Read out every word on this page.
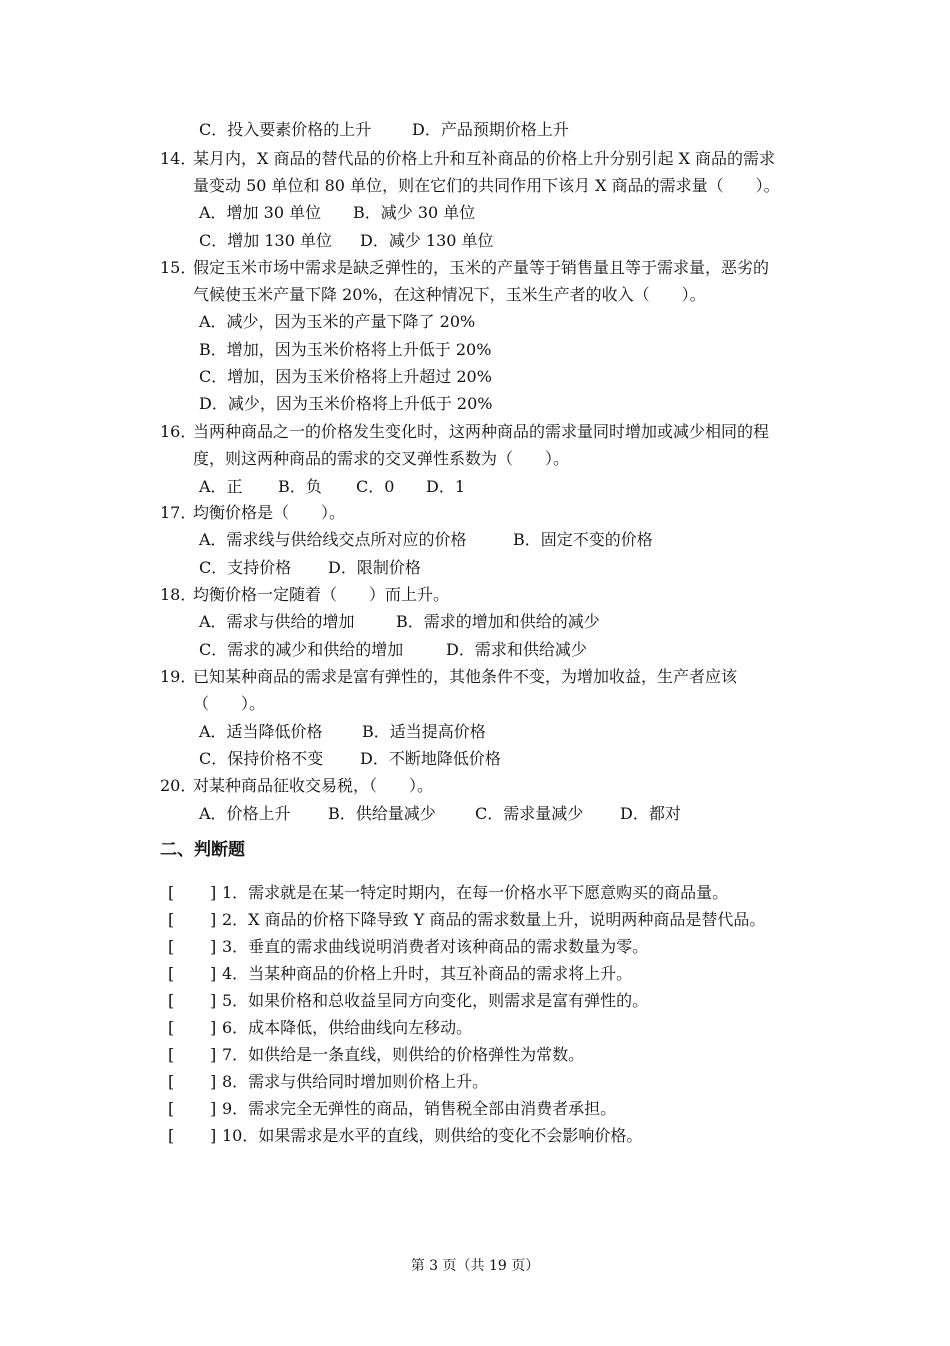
C．投入要素价格的上升	D．产品预期价格上升
14．
某月内，X 商品的替代品的价格上升和互补商品的价格上升分别引起 X 商品的需求
量变动 50 单位和 80 单位，则在它们的共同作用下该月 X 商品的需求量（　　）。
A．增加 30 单位 B．减少 30 单位
C．增加 130 单位 D．减少 130 单位
15．
假定玉米市场中需求是缺乏弹性的，玉米的产量等于销售量且等于需求量，恶劣的
气候使玉米产量下降 20%，在这种情况下，玉米生产者的收入（　　）。
A．减少，因为玉米的产量下降了 20%
B．增加，因为玉米价格将上升低于 20%
C．增加，因为玉米价格将上升超过 20%
D．减少，因为玉米价格将上升低于 20%
16．
当两种商品之一的价格发生变化时，这两种商品的需求量同时增加或减少相同的程
度，则这两种商品的需求的交叉弹性系数为（　　）。
A．正 B．负 C．0 D．1
17．
均衡价格是（　　）。
A．需求线与供给线交点所对应的价格	B．固定不变的价格
C．支持价格 D．限制价格
18．
均衡价格一定随着（　　）而上升。
A．需求与供给的增加	B．需求的增加和供给的减少
C．需求的减少和供给的增加	D．需求和供给减少
19．
已知某种商品的需求是富有弹性的，其他条件不变，为增加收益，生产者应该
（　　）。
A．适当降低价格 B．适当提高价格
C．保持价格不变 D．不断地降低价格
20．
对某种商品征收交易税，（　　）。
A．价格上升 B．供给量减少 C．需求量减少 D．都对
二、判断题
[ ] 1．需求就是在某一特定时期内，在每一价格水平下愿意购买的商品量。
[ ] 2．X 商品的价格下降导致 Y 商品的需求数量上升，说明两种商品是替代品。
[ ] 3．垂直的需求曲线说明消费者对该种商品的需求数量为零。
[ ] 4．当某种商品的价格上升时，其互补商品的需求将上升。
[ ] 5．如果价格和总收益呈同方向变化，则需求是富有弹性的。
[ ] 6．成本降低，供给曲线向左移动。
[ ] 7．如供给是一条直线，则供给的价格弹性为常数。
[ ] 8．需求与供给同时增加则价格上升。
[ ] 9．需求完全无弹性的商品，销售税全部由消费者承担。
[ ] 10．如果需求是水平的直线，则供给的变化不会影响价格。
第 3 页（共 19 页）
